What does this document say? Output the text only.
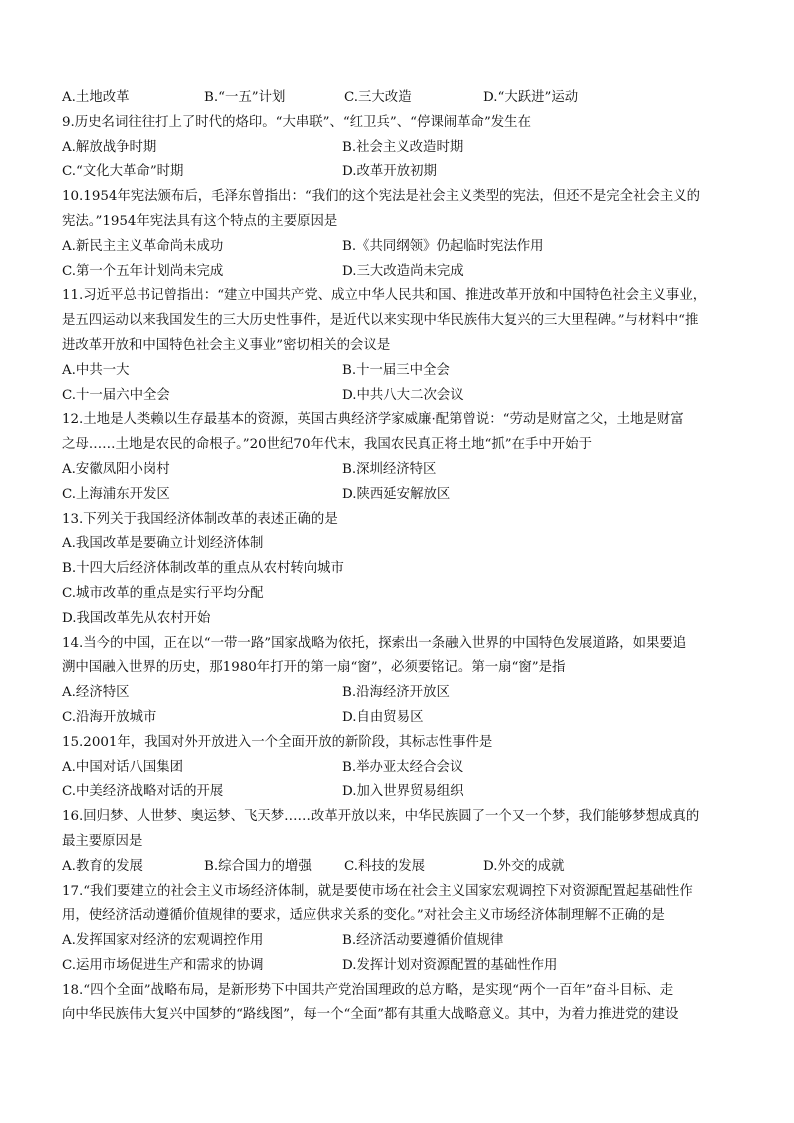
A.土地改革	B.“一五”计划	C.三大改造	D.“大跃进”运动
9.历史名词往往打上了时代的烙印。“大串联”、“红卫兵”、“停课闹革命”发生在
A.解放战争时期	B.社会主义改造时期
C.“文化大革命”时期	D.改革开放初期
10.1954年宪法颁布后，毛泽东曾指出：“我们的这个宪法是社会主义类型的宪法，但还不是完全社会主义的
宪法。”1954年宪法具有这个特点的主要原因是
A.新民主主义革命尚未成功	B.《共同纲领》仍起临时宪法作用
C.第一个五年计划尚未完成	D.三大改造尚未完成
11.习近平总书记曾指出：“建立中国共产党、成立中华人民共和国、推进改革开放和中国特色社会主义事业，
是五四运动以来我国发生的三大历史性事件，是近代以来实现中华民族伟大复兴的三大里程碑。”与材料中“推
进改革开放和中国特色社会主义事业”密切相关的会议是
A.中共一大	B.十一届三中全会
C.十一届六中全会	D.中共八大二次会议
12.土地是人类赖以生存最基本的资源，英国古典经济学家威廉·配第曾说：“劳动是财富之父，土地是财富
之母……土地是农民的命根子。”20世纪70年代末，我国农民真正将土地“抓”在手中开始于
A.安徽凤阳小岗村	B.深圳经济特区
C.上海浦东开发区	D.陕西延安解放区
13.下列关于我国经济体制改革的表述正确的是
A.我国改革是要确立计划经济体制
B.十四大后经济体制改革的重点从农村转向城市
C.城市改革的重点是实行平均分配
D.我国改革先从农村开始
14.当今的中国，正在以“一带一路”国家战略为依托，探索出一条融入世界的中国特色发展道路，如果要追
溯中国融入世界的历史，那1980年打开的第一扇“窗”，必须要铭记。第一扇“窗”是指
A.经济特区	B.沿海经济开放区
C.沿海开放城市	D.自由贸易区
15.2001年，我国对外开放进入一个全面开放的新阶段，其标志性事件是
A.中国对话八国集团	B.举办亚太经合会议
C.中美经济战略对话的开展	D.加入世界贸易组织
16.回归梦、人世梦、奥运梦、飞天梦……改革开放以来，中华民族圆了一个又一个梦，我们能够梦想成真的
最主要原因是
A.教育的发展	B.综合国力的增强	C.科技的发展	D.外交的成就
17.“我们要建立的社会主义市场经济体制，就是要使市场在社会主义国家宏观调控下对资源配置起基础性作
用，使经济活动遵循价值规律的要求，适应供求关系的变化。”对社会主义市场经济体制理解不正确的是
A.发挥国家对经济的宏观调控作用	B.经济活动要遵循价值规律
C.运用市场促进生产和需求的协调	D.发挥计划对资源配置的基础性作用
18.“四个全面”战略布局，是新形势下中国共产党治国理政的总方略，是实现“两个一百年”奋斗目标、走
向中华民族伟大复兴中国梦的“路线图”，每一个“全面”都有其重大战略意义。其中，为着力推进党的建设
